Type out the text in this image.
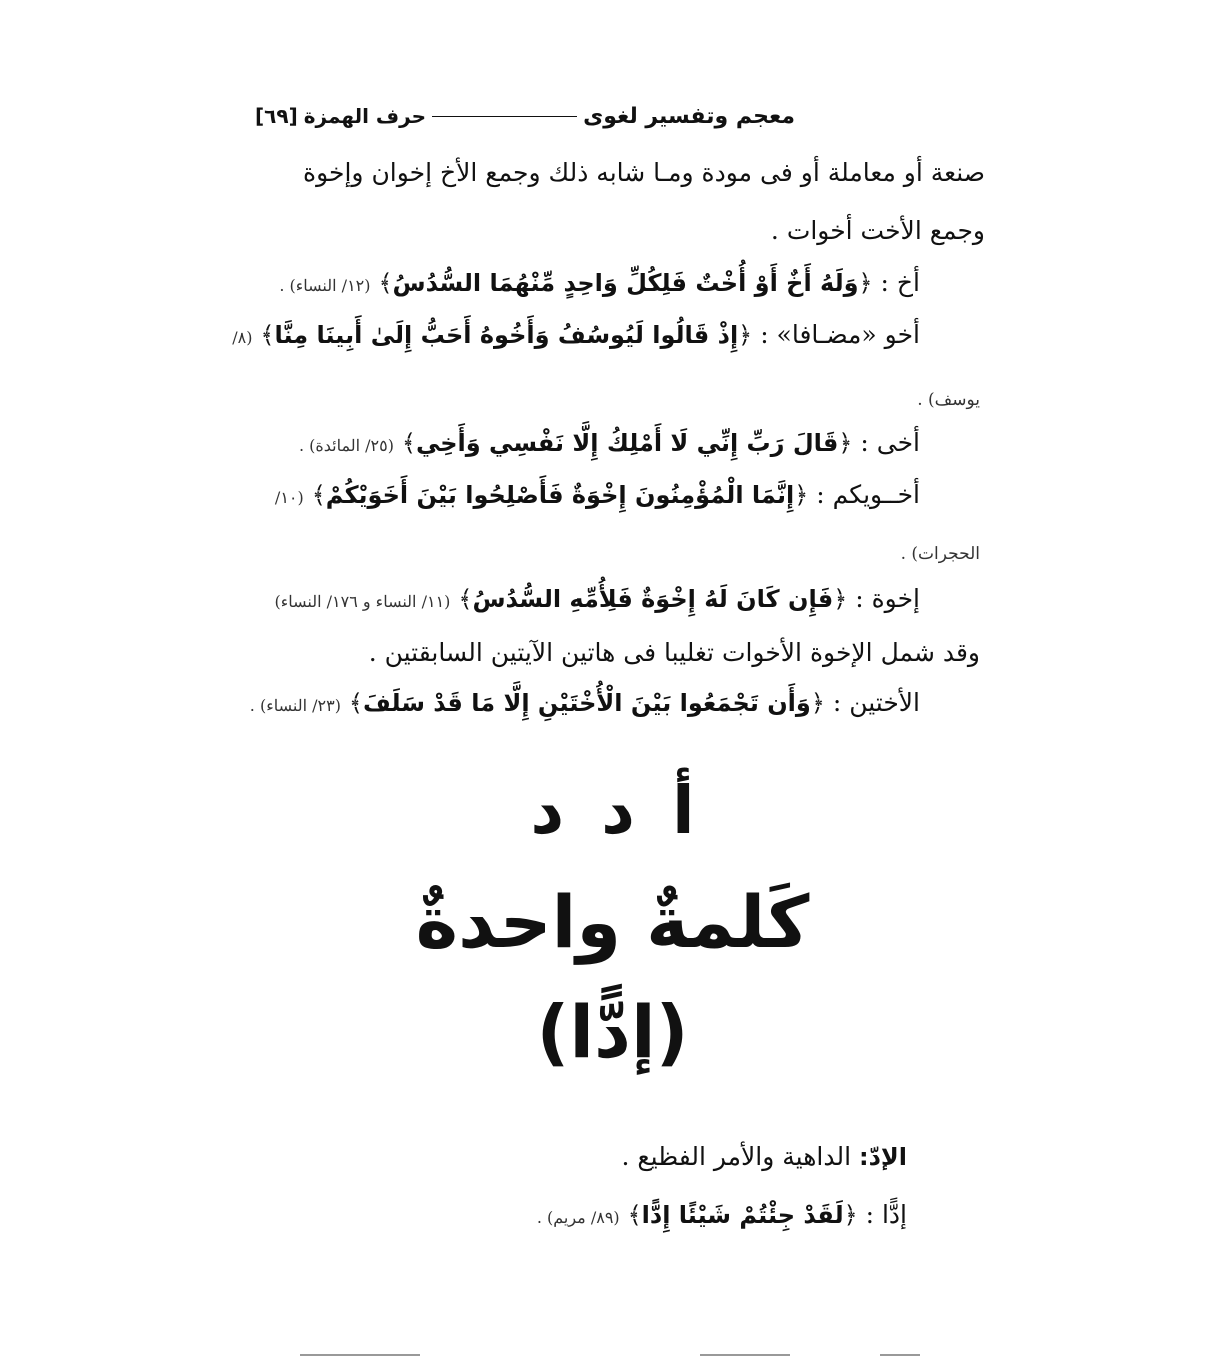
معجم وتفسير لغوى
حرف الهمزة
[٦٩]
صنعة أو معاملة أو فى مودة ومـا شابه ذلك وجمع الأخ إخوان وإخوة
وجمع الأخت أخوات .
أخ : ﴿وَلَهُ أَخٌ أَوْ أُخْتٌ فَلِكُلِّ وَاحِدٍ مِّنْهُمَا السُّدُسُ﴾ (١٢/ النساء) .
أخو «مضـافا» : ﴿إِذْ قَالُوا لَيُوسُفُ وَأَخُوهُ أَحَبُّ إِلَىٰ أَبِينَا مِنَّا﴾ (٨/
يوسف) .
أخى : ﴿قَالَ رَبِّ إِنِّي لَا أَمْلِكُ إِلَّا نَفْسِي وَأَخِي﴾ (٢٥/ المائدة) .
أخــويكم : ﴿إِنَّمَا الْمُؤْمِنُونَ إِخْوَةٌ فَأَصْلِحُوا بَيْنَ أَخَوَيْكُمْ﴾ (١٠/
الحجرات) .
إخوة : ﴿فَإِن كَانَ لَهُ إِخْوَةٌ فَلِأُمِّهِ السُّدُسُ﴾ (١١/ النساء و ١٧٦/ النساء)
وقد شمل الإخوة الأخوات تغليبا فى هاتين الآيتين السابقتين .
الأختين : ﴿وَأَن تَجْمَعُوا بَيْنَ الْأُخْتَيْنِ إِلَّا مَا قَدْ سَلَفَ﴾ (٢٣/ النساء) .
أ د د
كَلمةٌ واحدةٌ
(إدًّا)
الإدّ: الداهية والأمر الفظيع .
إدًّا : ﴿لَقَدْ جِئْتُمْ شَيْئًا إِدًّا﴾ (٨٩/ مريم) .
